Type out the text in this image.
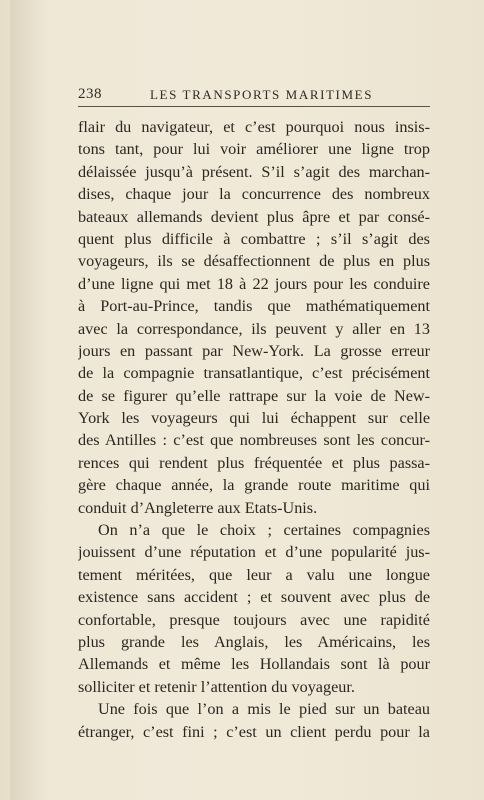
238	LES TRANSPORTS MARITIMES
flair du navigateur, et c’est pourquoi nous insis-
tons tant, pour lui voir améliorer une ligne trop
délaissée jusqu’à présent. S’il s’agit des marchan-
dises, chaque jour la concurrence des nombreux
bateaux allemands devient plus âpre et par consé-
quent plus difficile à combattre ; s’il s’agit des
voyageurs, ils se désaffectionnent de plus en plus
d’une ligne qui met 18 à 22 jours pour les conduire
à Port-au-Prince, tandis que mathématiquement
avec la correspondance, ils peuvent y aller en 13
jours en passant par New-York. La grosse erreur
de la compagnie transatlantique, c’est précisément
de se figurer qu’elle rattrape sur la voie de New-
York les voyageurs qui lui échappent sur celle
des Antilles : c’est que nombreuses sont les concur-
rences qui rendent plus fréquentée et plus passa-
gère chaque année, la grande route maritime qui
conduit d’Angleterre aux Etats-Unis.
On n’a que le choix ; certaines compagnies
jouissent d’une réputation et d’une popularité jus-
tement méritées, que leur a valu une longue
existence sans accident ; et souvent avec plus de
confortable, presque toujours avec une rapidité
plus grande les Anglais, les Américains, les
Allemands et même les Hollandais sont là pour
solliciter et retenir l’attention du voyageur.
Une fois que l’on a mis le pied sur un bateau
étranger, c’est fini ; c’est un client perdu pour la
